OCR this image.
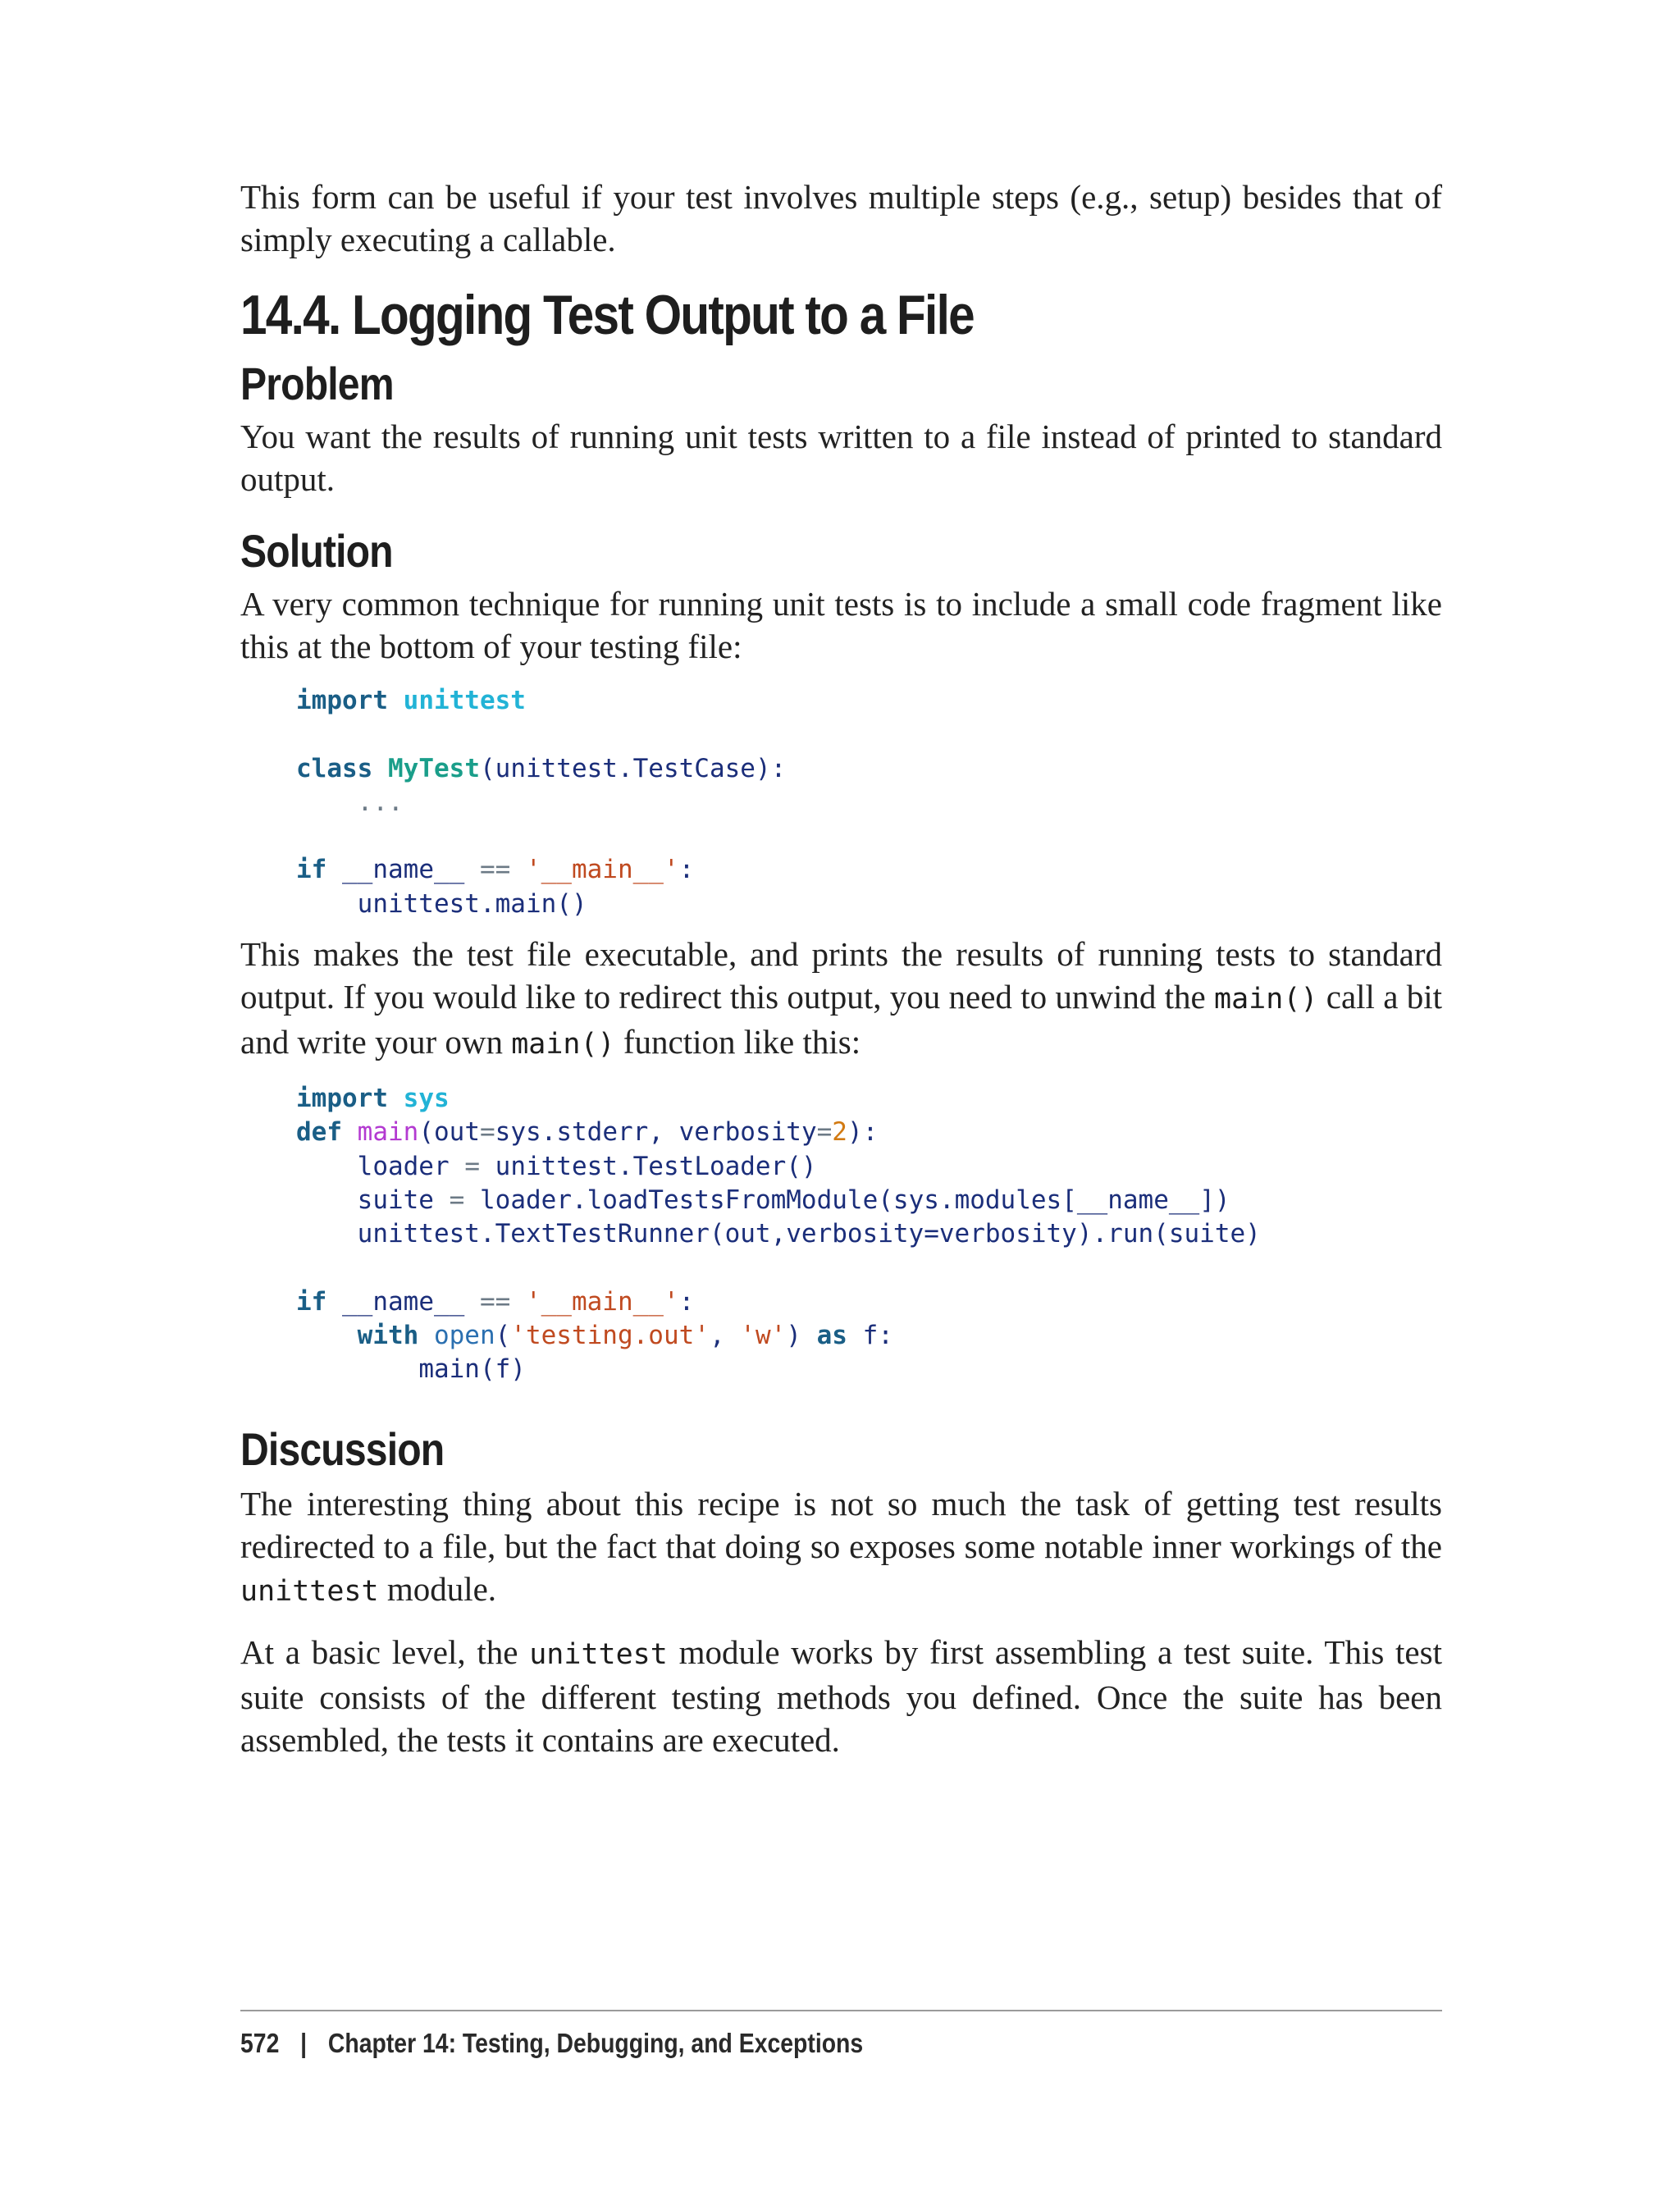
This form can be useful if your test involves multiple steps (e.g., setup) besides that of simply executing a callable.

14.4. Logging Test Output to a File
Problem

You want the results of running unit tests written to a file instead of printed to standard output.

Solution

A very common technique for running unit tests is to include a small code fragment like this at the bottom of your testing file:

import unittest

class MyTest(unittest.TestCase):
...

if __name__ == '__main__':
unittest.main()

This makes the test file executable, and prints the results of running tests to standard output. If you would like to redirect this output, you need to unwind the main() call a bit and write your own main() function like this:

import sys
def main(out=sys.stderr, verbosity=2):
loader = unittest.TestLoader()
suite = loader.loadTestsFromModule(sys.modules[__name__])
unittest.TextTestRunner(out,verbosity=verbosity).run(suite)

if __name__ == '__main__':
with open('testing.out', 'w') as f:
main(f)
Discussion

The interesting thing about this recipe is not so much the task of getting test results redirected to a file, but the fact that doing so exposes some notable inner workings of the unittest module.

At a basic level, the unittest module works by first assembling a test suite. This test suite consists of the different testing methods you defined. Once the suite has been assembled, the tests it contains are executed.

572 | Chapter 14: Testing, Debugging, and Exceptions
